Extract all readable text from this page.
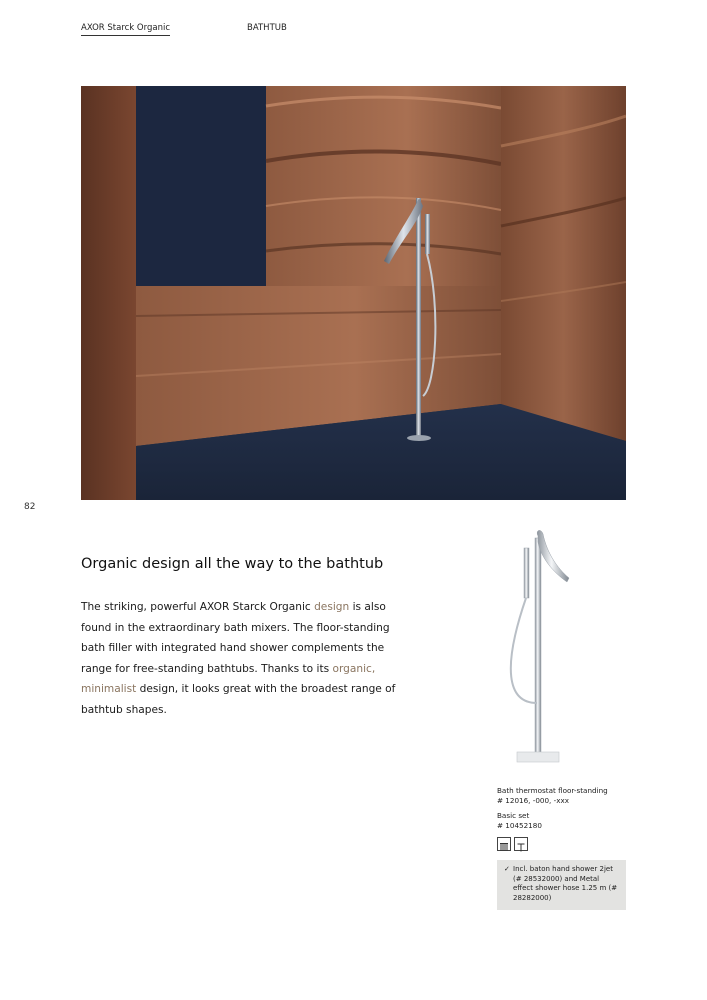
AXOR Starck Organic	BATHTUB
82
Organic design all the way to the bathtub

The striking, powerful AXOR Starck Organic design is also found in the extraordinary bath mixers. The floor-standing bath filler with integrated hand shower complements the range for free-standing bathtubs. Thanks to its organic, minimalist design, it looks great with the broadest range of bathtub shapes.

Bath thermostat floor-standing
# 12016, -000, -xxx
Basic set
# 10452180
✓ Incl. baton hand shower 2jet (# 28532000) and Metal effect shower hose 1.25 m (# 28282000)
